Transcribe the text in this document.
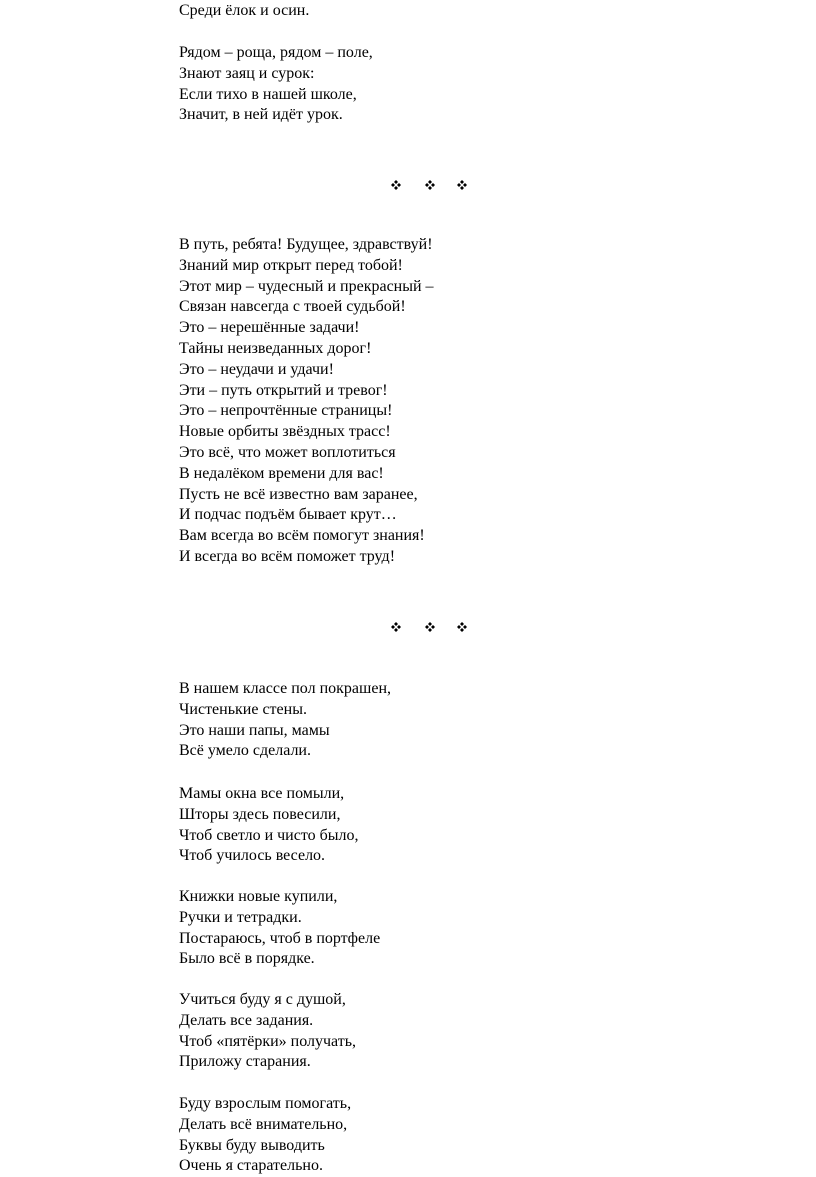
Среди ёлок и осин.
Рядом – роща, рядом – поле,
Знают заяц и сурок:
Если тихо в нашей школе,
Значит, в ней идёт урок.
В путь, ребята! Будущее, здравствуй!
Знаний мир открыт перед тобой!
Этот мир – чудесный и прекрасный –
Связан навсегда с твоей судьбой!
Это – нерешённые задачи!
Тайны неизведанных дорог!
Это – неудачи и удачи!
Эти – путь открытий и тревог!
Это – непрочтённые страницы!
Новые орбиты звёздных трасс!
Это всё, что может воплотиться
В недалёком времени для вас!
Пусть не всё известно вам заранее,
И подчас подъём бывает крут…
Вам всегда во всём помогут знания!
И всегда во всём поможет труд!
В нашем классе пол покрашен,
Чистенькие стены.
Это наши папы, мамы
Всё умело сделали.
Мамы окна все помыли,
Шторы здесь повесили,
Чтоб светло и чисто было,
Чтоб училось весело.
Книжки новые купили,
Ручки и тетрадки.
Постараюсь, чтоб в портфеле
Было всё в порядке.
Учиться буду я с душой,
Делать все задания.
Чтоб «пятёрки» получать,
Приложу старания.
Буду взрослым помогать,
Делать всё внимательно,
Буквы буду выводить
Очень я старательно.
